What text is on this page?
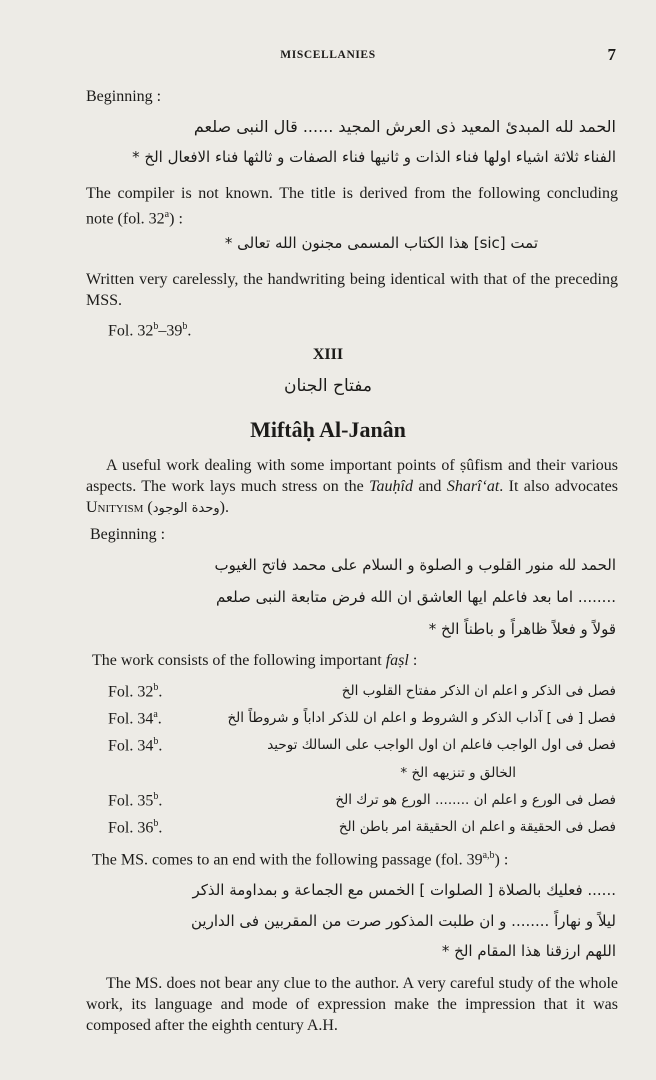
MISCELLANIES	7
Beginning :
الحمد لله المبدئ المعيد ذى العرش المجيد ...... قال النبى صلعم
الفناء ثلاثة اشياء اولها فناء الذات و ثانيها فناء الصفات و ثالثها فناء الافعال الخ *
The compiler is not known. The title is derived from the following concluding note (fol. 32$^a$) :
تمت [sic] هذا الكتاب المسمى مجنون الله تعالى *
Written very carelessly, the handwriting being identical with that of the preceding MSS.
Fol. 32$^b$–39$^b$.
XIII
مفتاح الجنان
Miftâḥ Al-Janân
A useful work dealing with some important points of ṣûfism and their various aspects. The work lays much stress on the Tauḥîd and Sharî‘at. It also advocates Unityism (وحدة الوجود).
Beginning :
الحمد لله منور القلوب و الصلوة و السلام على محمد فاتح الغيوب
........ اما بعد فاعلم ايها العاشق ان الله فرض متابعة النبى صلعم
قولاً و فعلاً ظاهراً و باطناً الخ *
The work consists of the following important faṣl :
Fol. 32$^b$.	فصل فى الذكر و اعلم ان الذكر مفتاح القلوب الخ
Fol. 34$^a$.	فصل [ فى ] آداب الذكر و الشروط و اعلم ان للذكر اداباً و شروطاً الخ
Fol. 34$^b$.	فصل فى اول الواجب فاعلم ان اول الواجب على السالك توحيد
الخالق و تنزيهه الخ *
Fol. 35$^b$.	فصل فى الورع و اعلم ان ........ الورع هو ترك الخ
Fol. 36$^b$.	فصل فى الحقيقة و اعلم ان الحقيقة امر باطن الخ
The MS. comes to an end with the following passage (fol. 39$^{a,b}$) :
...... فعليك بالصلاة [ الصلوات ] الخمس مع الجماعة و بمداومة الذكر
ليلاً و نهاراً ........ و ان طلبت المذكور صرت من المقربين فى الدارين
اللهم ارزقنا هذا المقام الخ *
The MS. does not bear any clue to the author. A very careful study of the whole work, its language and mode of expression make the impression that it was composed after the eighth century A.H.
